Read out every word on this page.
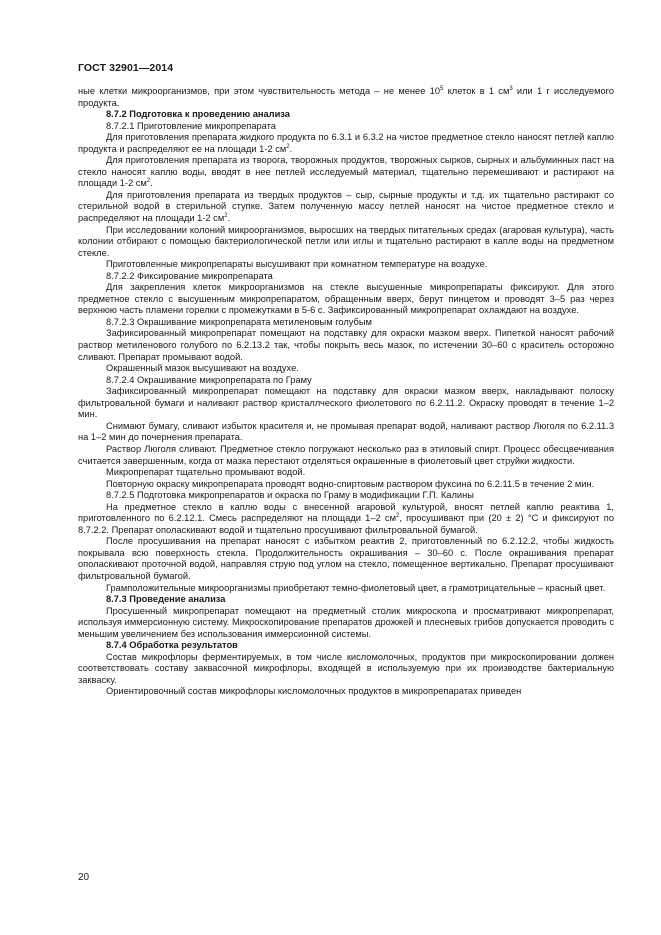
ГОСТ 32901—2014

ные клетки микроорганизмов, при этом чувствительность метода – не менее $10^5$ клеток в 1 $см^3$ или 1 г исследуемого продукта.

8.7.2 Подготовка к проведению анализа

8.7.2.1 Приготовление микропрепарата

Для приготовления препарата жидкого продукта по 6.3.1 и 6.3.2 на чистое предметное стекло наносят петлей каплю продукта и распределяют ее на площади 1-2 $см^2$.

Для приготовления препарата из творога, творожных продуктов, творожных сырков, сырных и альбуминных паст на стекло наносят каплю воды, вводят в нее петлей исследуемый материал, тщательно перемешивают и растирают на площади 1-2 $см^2$.

Для приготовления препарата из твердых продуктов – сыр, сырные продукты и т.д. их тщательно растирают со стерильной водой в стерильной ступке. Затем полученную массу петлей наносят на чистое предметное стекло и распределяют на площади 1-2 $см^2$.

При исследовании колоний микроорганизмов, выросших на твердых питательных средах (агаровая культура), часть колонии отбирают с помощью бактериологической петли или иглы и тщательно растирают в капле воды на предметном стекле.

Приготовленные микропрепараты высушивают при комнатном температуре на воздухе.

8.7.2.2 Фиксирование микропрепарата

Для закрепления клеток микроорганизмов на стекле высушенные микропрепараты фиксируют. Для этого предметное стекло с высушенным микропрепаратом, обращенным вверх, берут пинцетом и проводят 3–5 раз через верхнюю часть пламени горелки с промежутками в 5-6 с. Зафиксированный микропрепарат охлаждают на воздухе.

8.7.2.3 Окрашивание микропрепарата метиленовым голубым

Зафиксированный микропрепарат помещают на подставку для окраски мазком вверх. Пипеткой наносят рабочий раствор метиленового голубого по 6.2.13.2 так, чтобы покрыть весь мазок, по истечении 30–60 с краситель осторожно сливают. Препарат промывают водой.

Окрашенный мазок высушивают на воздухе.

8.7.2.4 Окрашивание микропрепарата по Граму

Зафиксированный микропрепарат помещают на подставку для окраски мазком вверх, накладывают полоску фильтровальной бумаги и наливают раствор кристаллческого фиолетового по 6.2.11.2. Окраску проводят в течение 1–2 мин.

Снимают бумагу, сливают избыток красителя и, не промывая препарат водой, наливают раствор Люголя по 6.2.11.3 на 1–2 мин до почернения препарата.

Раствор Люголя сливают. Предметное стекло погружают несколько раз в этиловый спирт. Процесс обесцвечивания считается завершенным, когда от мазка перестают отделяться окрашенные в фиолетовый цвет струйки жидкости.

Микропрепарат тщательно промывают водой.

Повторную окраску микропрепарата проводят водно-спиртовым раствором фуксина по 6.2.11.5 в течение 2 мин.

8.7.2.5 Подготовка микропрепаратов и окраска по Граму в модификации Г.П. Калины

На предметное стекло в каплю воды с внесенной агаровой культурой, вносят петлей каплю реактива 1, приготовленного по 6.2.12.1. Смесь распределяют на площади 1–2 $см^2$, просушивают при (20 ± 2) °С и фиксируют по 8.7.2.2. Препарат ополаскивают водой и тщательно просушивают фильтровальной бумагой.

После просушивания на препарат наносят с избытком реактив 2, приготовленный по 6.2.12.2, чтобы жидкость покрывала всю поверхность стекла. Продолжительность окрашивания – 30–60 с. После окрашивания препарат ополаскивают проточной водой, направляя струю под углом на стекло, помещенное вертикально. Препарат просушивают фильтровальной бумагой.

Грамположительные микроорганизмы приобретают темно-фиолетовый цвет, а грамотрицательные – красный цвет.

8.7.3 Проведение анализа

Просушенный микропрепарат помещают на предметный столик микроскопа и просматривают микропрепарат, используя иммерсионную систему. Микроскопирование препаратов дрожжей и плесневых грибов допускается проводить с меньшим увеличением без использования иммерсионной системы.

8.7.4 Обработка результатов

Состав микрофлоры ферментируемых, в том числе кисломолочных, продуктов при микроскопировании должен соответствовать составу заквасочной микрофлоры, входящей в используемую при их производстве бактериальную закваску.

Ориентировочный состав микрофлоры кисломолочных продуктов в микропрепаратах приведен

20
